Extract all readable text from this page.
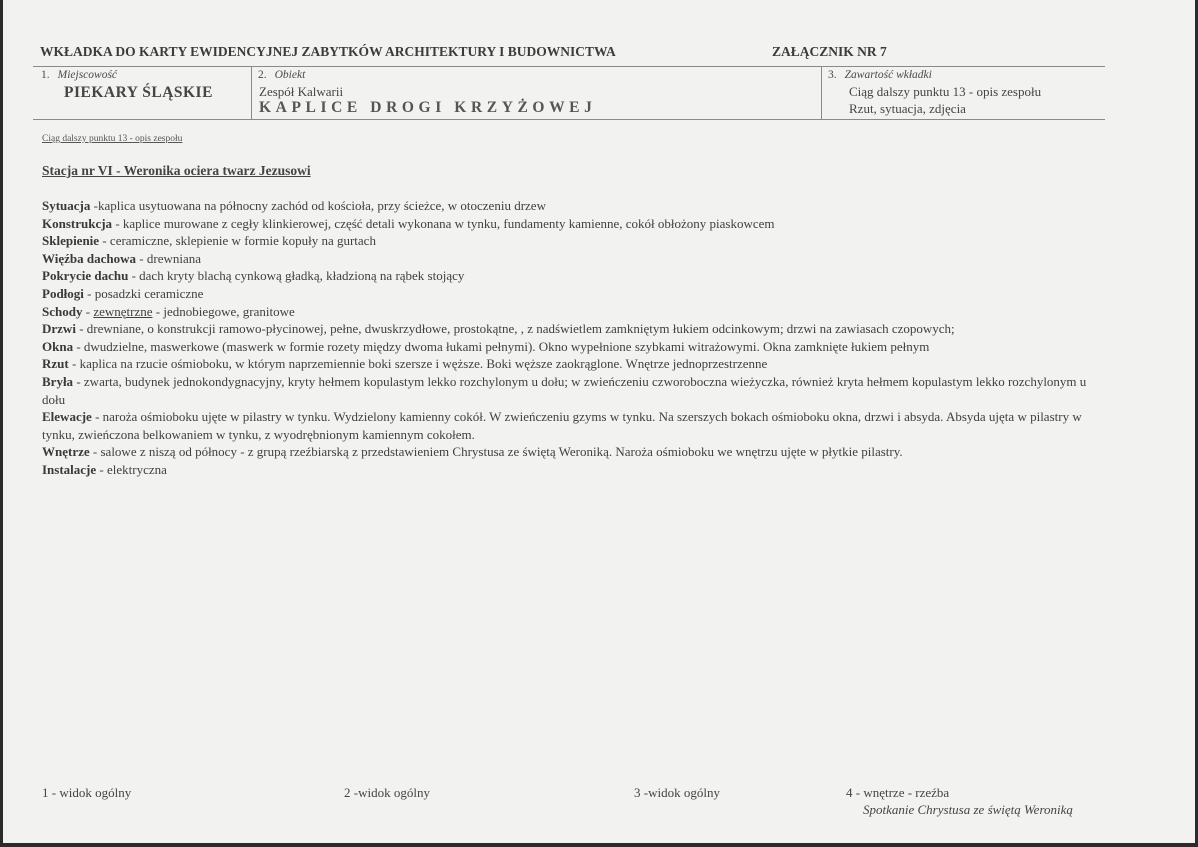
WKŁADKA DO KARTY EWIDENCYJNEJ ZABYTKÓW ARCHITEKTURY I BUDOWNICTWA	ZAŁĄCZNIK NR 7
1. Miejscowość
PIEKARY ŚLĄSKIE
2. Obiekt
Zespół Kalwarii
KAPLICE DROGI KRZYŻOWEJ
3. Zawartość wkładki
Ciąg dalszy punktu 13 - opis zespołu
Rzut, sytuacja, zdjęcia
Ciąg dalszy punktu 13 - opis zespołu
Stacja nr VI - Weronika ociera twarz Jezusowi

Sytuacja -kaplica usytuowana na północny zachód od kościoła, przy ścieżce, w otoczeniu drzew

Konstrukcja - kaplice murowane z cegły klinkierowej, część detali wykonana w tynku, fundamenty kamienne, cokół obłożony piaskowcem

Sklepienie - ceramiczne, sklepienie w formie kopuły na gurtach

Więźba dachowa - drewniana

Pokrycie dachu - dach kryty blachą cynkową gładką, kładzioną na rąbek stojący

Podłogi - posadzki ceramiczne

Schody - zewnętrzne - jednobiegowe, granitowe

Drzwi - drewniane, o konstrukcji ramowo-płycinowej, pełne, dwuskrzydłowe, prostokątne, , z nadświetlem zamkniętym łukiem odcinkowym; drzwi na zawiasach czopowych;

Okna - dwudzielne, maswerkowe (maswerk w formie rozety między dwoma łukami pełnymi). Okno wypełnione szybkami witrażowymi. Okna zamknięte łukiem pełnym

Rzut - kaplica na rzucie ośmioboku, w którym naprzemiennie boki szersze i węższe. Boki węższe zaokrąglone. Wnętrze jednoprzestrzenne

Bryła - zwarta, budynek jednokondygnacyjny, kryty hełmem kopulastym lekko rozchylonym u dołu; w zwieńczeniu czworoboczna wieżyczka, również kryta hełmem kopulastym lekko rozchylonym u dołu

Elewacje - naroża ośmioboku ujęte w pilastry w tynku. Wydzielony kamienny cokół. W zwieńczeniu gzyms w tynku. Na szerszych bokach ośmioboku okna, drzwi i absyda. Absyda ujęta w pilastry w tynku, zwieńczona belkowaniem w tynku, z wyodrębnionym kamiennym cokołem.

Wnętrze - salowe z niszą od północy - z grupą rzeźbiarską z przedstawieniem Chrystusa ze świętą Weroniką. Naroża ośmioboku we wnętrzu ujęte w płytkie pilastry.

Instalacje - elektryczna

1 - widok ogólny	2 -widok ogólny	3 -widok ogólny	4 - wnętrze - rzeźba
Spotkanie Chrystusa ze świętą Weroniką
